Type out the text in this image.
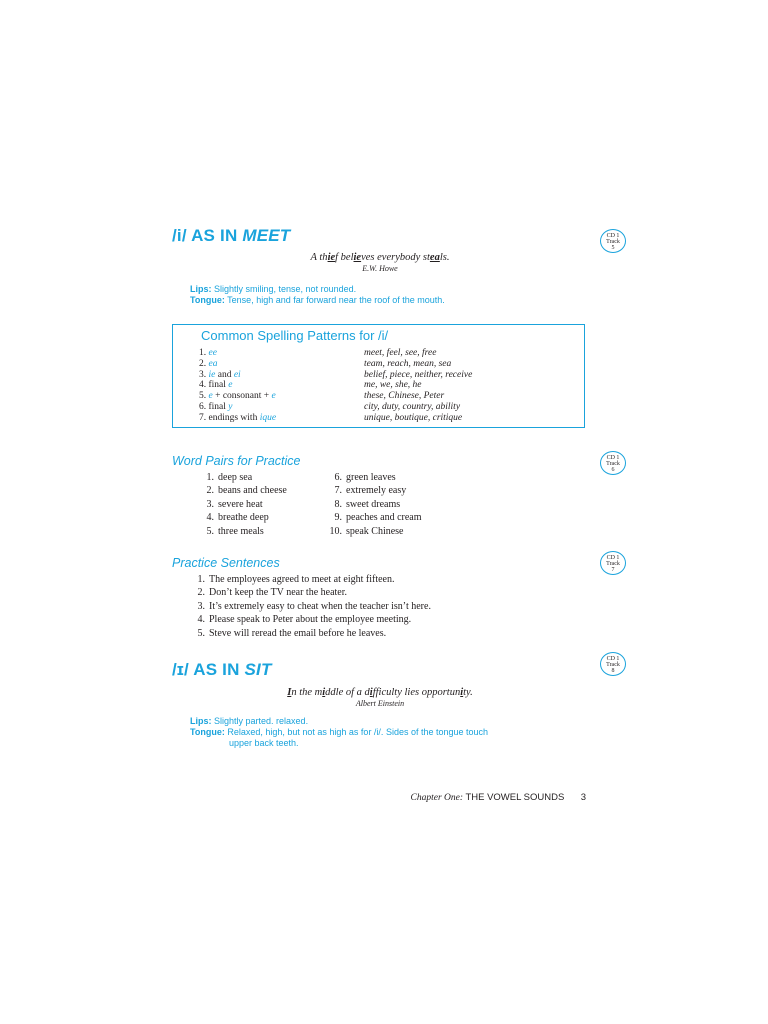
/i/ AS IN MEET	CD 1
Track
5
A thief believes everybody steals.
E.W. Howe
Lips: Slightly smiling, tense, not rounded.
Tongue: Tense, high and far forward near the roof of the mouth.
Common Spelling Patterns for /i/
1. ee	meet, feel, see, free
2. ea	team, reach, mean, sea
3. ie and ei	belief, piece, neither, receive
4. final e	me, we, she, he
5. e + consonant + e	these, Chinese, Peter
6. final y	city, duty, country, ability
7. endings with ique	unique, boutique, critique
Word Pairs for Practice	CD 1
Track
6
1. deep sea	6. green leaves
2. beans and cheese	7. extremely easy
3. severe heat	8. sweet dreams
4. breathe deep	9. peaches and cream
5. three meals	10. speak Chinese
Practice Sentences	CD 1
Track
7
1. The employees agreed to meet at eight fifteen.
2. Don’t keep the TV near the heater.
3. It’s extremely easy to cheat when the teacher isn’t here.
4. Please speak to Peter about the employee meeting.
5. Steve will reread the email before he leaves.
/ɪ/ AS IN SIT
CD 1
Track
8
In the middle of a difficulty lies opportunity.
Albert Einstein
Lips: Slightly parted. relaxed.
Tongue: Relaxed, high, but not as high as for /i/. Sides of the tongue touch
upper back teeth.
Chapter One: THE VOWEL SOUNDS 3
